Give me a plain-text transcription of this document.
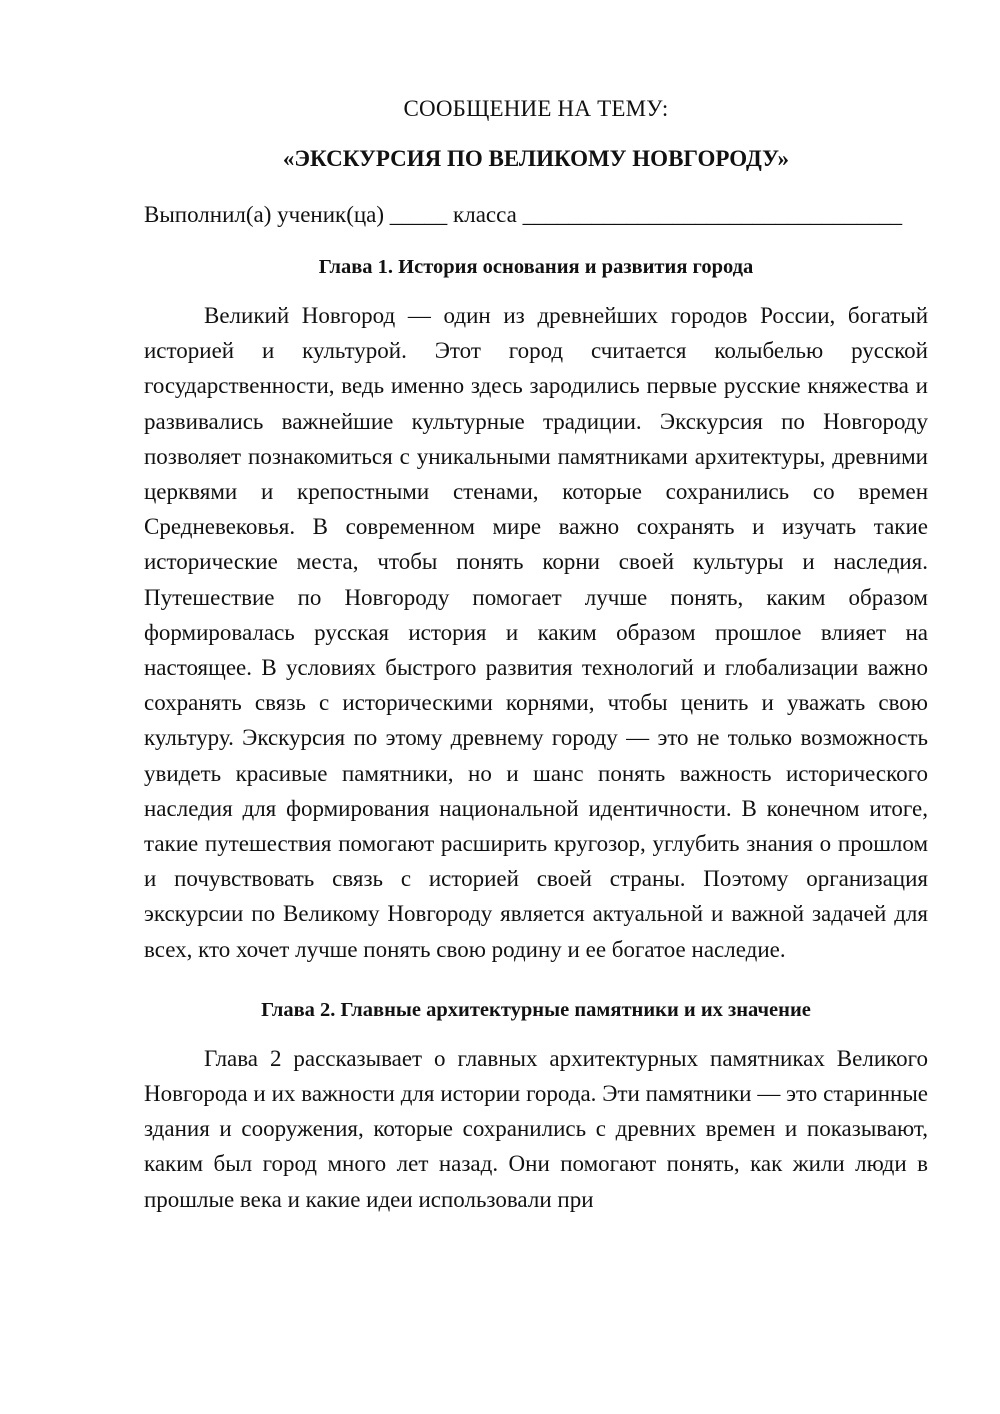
СООБЩЕНИЕ НА ТЕМУ:

«ЭКСКУРСИЯ ПО ВЕЛИКОМУ НОВГОРОДУ»

Выполнил(а) ученик(ца) _____ класса _________________________________
Глава 1. История основания и развития города

Великий Новгород — один из древнейших городов России, богатый историей и культурой. Этот город считается колыбелью русской государственности, ведь именно здесь зародились первые русские княжества и развивались важнейшие культурные традиции. Экскурсия по Новгороду позволяет познакомиться с уникальными памятниками архитектуры, древними церквями и крепостными стенами, которые сохранились со времен Средневековья. В современном мире важно сохранять и изучать такие исторические места, чтобы понять корни своей культуры и наследия. Путешествие по Новгороду помогает лучше понять, каким образом формировалась русская история и каким образом прошлое влияет на настоящее. В условиях быстрого развития технологий и глобализации важно сохранять связь с историческими корнями, чтобы ценить и уважать свою культуру. Экскурсия по этому древнему городу — это не только возможность увидеть красивые памятники, но и шанс понять важность исторического наследия для формирования национальной идентичности. В конечном итоге, такие путешествия помогают расширить кругозор, углубить знания о прошлом и почувствовать связь с историей своей страны. Поэтому организация экскурсии по Великому Новгороду является актуальной и важной задачей для всех, кто хочет лучше понять свою родину и ее богатое наследие.

Глава 2. Главные архитектурные памятники и их значение

Глава 2 рассказывает о главных архитектурных памятниках Великого Новгорода и их важности для истории города. Эти памятники — это старинные здания и сооружения, которые сохранились с древних времен и показывают, каким был город много лет назад. Они помогают понять, как жили люди в прошлые века и какие идеи использовали при
